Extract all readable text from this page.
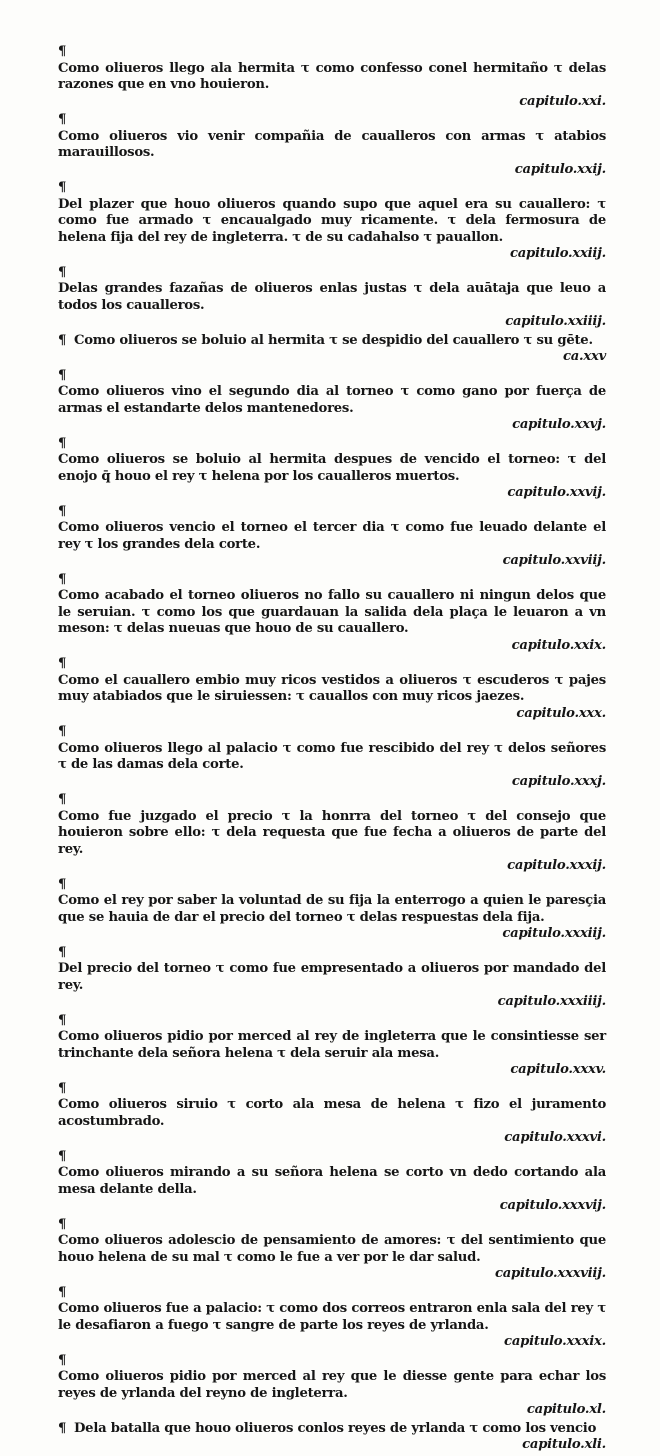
¶
Como oliueros llego ala hermita τ como confesso conel hermitaño τ delas razones que en vno houieron.
capitulo.xxi.
¶
Como oliueros vio venir compañia de caualleros con armas τ atabios marauillosos.
capitulo.xxij.
¶
Del plazer que houo oliueros quando supo que aquel era su cauallero: τ como fue armado τ encaualgado muy ricamente. τ dela fermosura de helena fija del rey de ingleterra. τ de su cadahalso τ pauallon.
capitulo.xxiij.
¶
Delas grandes fazañas de oliueros enlas justas τ dela auātaja que leuo a todos los caualleros.
capitulo.xxiiij.
¶ Como oliueros se boluio al hermita τ se despidio del cauallero τ su gēte.
ca.xxv
¶
Como oliueros vino el segundo dia al torneo τ como gano por fuerça de armas el estandarte delos mantenedores.
capitulo.xxvj.
¶
Como oliueros se boluio al hermita despues de vencido el torneo: τ del enojo q̄ houo el rey τ helena por los caualleros muertos.
capitulo.xxvij.
¶
Como oliueros vencio el torneo el tercer dia τ como fue leuado delante el rey τ los grandes dela corte.
capitulo.xxviij.
¶
Como acabado el torneo oliueros no fallo su cauallero ni ningun delos que le seruian. τ como los que guardauan la salida dela plaça le leuaron a vn meson: τ delas nueuas que houo de su cauallero.
capitulo.xxix.
¶
Como el cauallero embio muy ricos vestidos a oliueros τ escuderos τ pajes muy atabiados que le siruiessen: τ cauallos con muy ricos jaezes.
capitulo.xxx.
¶
Como oliueros llego al palacio τ como fue rescibido del rey τ delos señores τ de las damas dela corte.
capitulo.xxxj.
¶
Como fue juzgado el precio τ la honrra del torneo τ del consejo que houieron sobre ello: τ dela requesta que fue fecha a oliueros de parte del rey.
capitulo.xxxij.
¶
Como el rey por saber la voluntad de su fija la enterrogo a quien le paresçia que se hauia de dar el precio del torneo τ delas respuestas dela fija.
capitulo.xxxiij.
¶
Del precio del torneo τ como fue empresentado a oliueros por mandado del rey.
capitulo.xxxiiij.
¶
Como oliueros pidio por merced al rey de ingleterra que le consintiesse ser trinchante dela señora helena τ dela seruir ala mesa.
capitulo.xxxv.
¶
Como oliueros siruio τ corto ala mesa de helena τ fizo el juramento acostumbrado.
capitulo.xxxvi.
¶
Como oliueros mirando a su señora helena se corto vn dedo cortando ala mesa delante della.
capitulo.xxxvij.
¶
Como oliueros adolescio de pensamiento de amores: τ del sentimiento que houo helena de su mal τ como le fue a ver por le dar salud.
capitulo.xxxviij.
¶
Como oliueros fue a palacio: τ como dos correos entraron enla sala del rey τ le desafiaron a fuego τ sangre de parte los reyes de yrlanda.
capitulo.xxxix.
¶
Como oliueros pidio por merced al rey que le diesse gente para echar los reyes de yrlanda del reyno de ingleterra.
capitulo.xl.
¶ Dela batalla que houo oliueros conlos reyes de yrlanda τ como los vencio
capitulo.xli.
